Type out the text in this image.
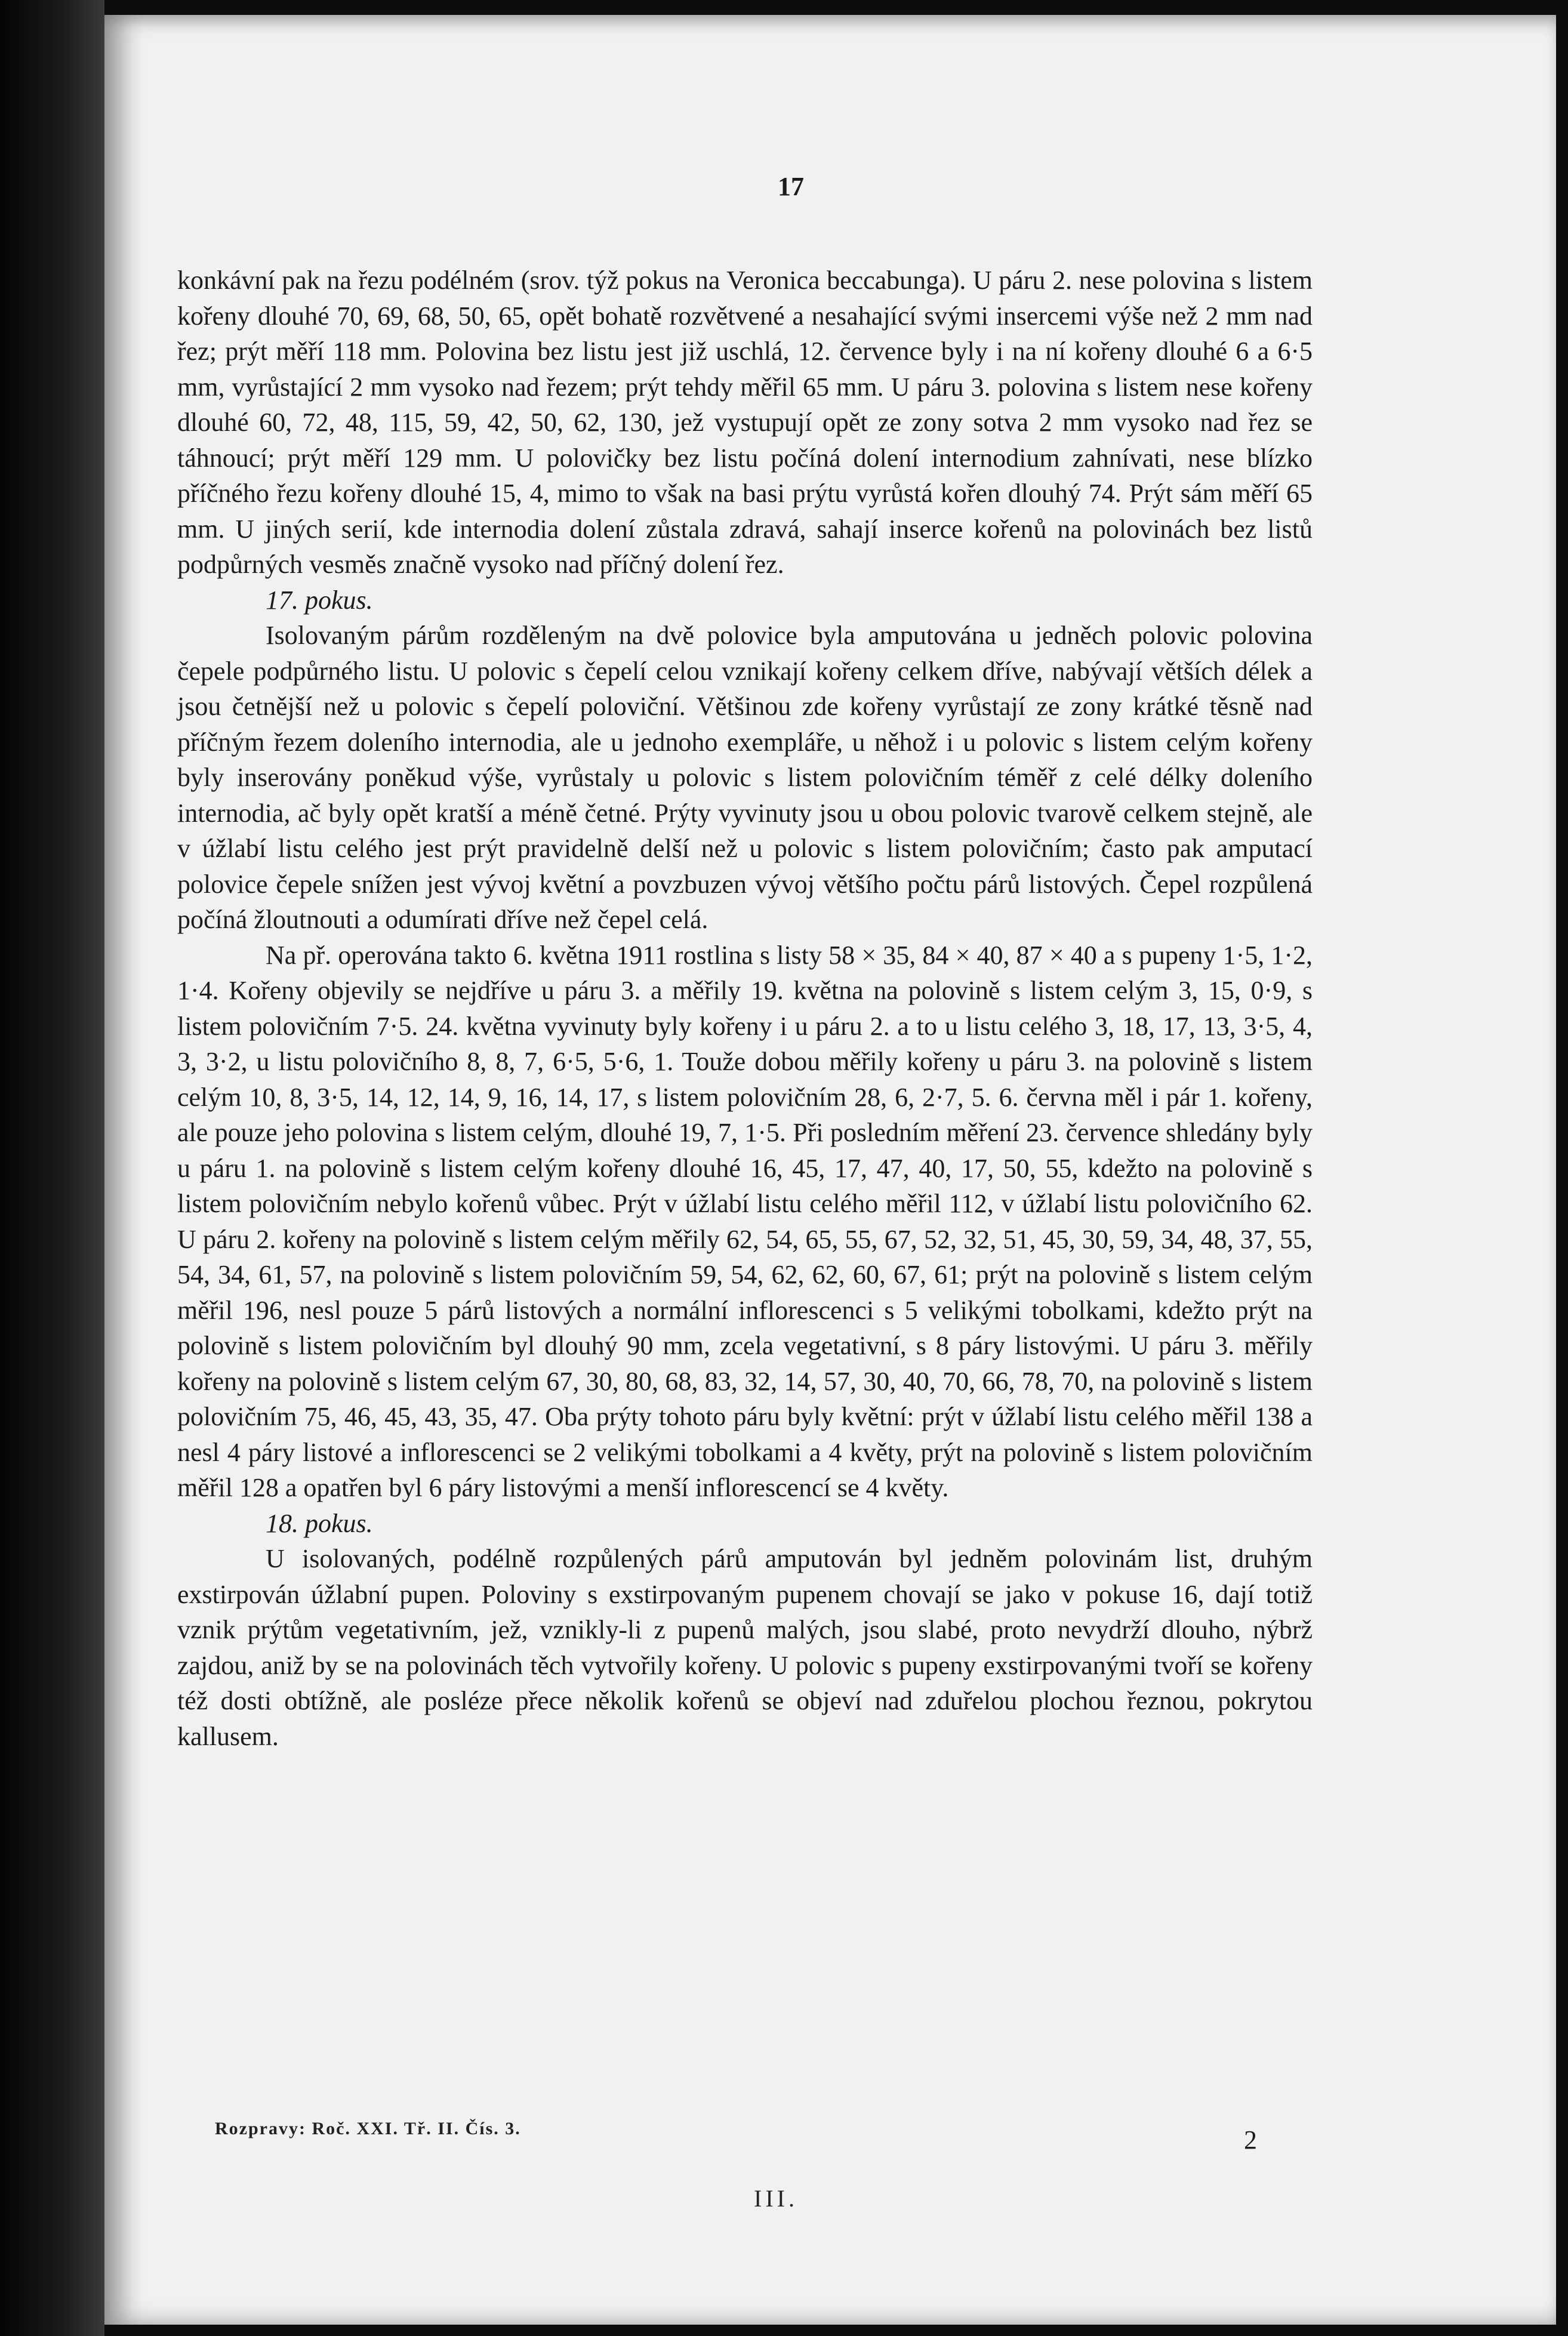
17

konkávní pak na řezu podélném (srov. týž pokus na Veronica beccabunga). U páru 2. nese polovina s listem kořeny dlouhé 70, 69, 68, 50, 65, opět bohatě rozvětvené a nesahající svými insercemi výše než 2 mm nad řez; prýt měří 118 mm. Polovina bez listu jest již uschlá, 12. července byly i na ní kořeny dlouhé 6 a 6·5 mm, vyrůstající 2 mm vysoko nad řezem; prýt tehdy měřil 65 mm. U páru 3. polovina s listem nese kořeny dlouhé 60, 72, 48, 115, 59, 42, 50, 62, 130, jež vystupují opět ze zony sotva 2 mm vysoko nad řez se táhnoucí; prýt měří 129 mm. U polovičky bez listu počíná dolení internodium zahnívati, nese blízko příčného řezu kořeny dlouhé 15, 4, mimo to však na basi prýtu vyrůstá kořen dlouhý 74. Prýt sám měří 65 mm. U jiných serií, kde internodia dolení zůstala zdravá, sahají inserce kořenů na polovinách bez listů podpůrných vesměs značně vysoko nad příčný dolení řez.

17. pokus.

Isolovaným párům rozděleným na dvě polovice byla amputována u jedněch polovic polovina čepele podpůrného listu. U polovic s čepelí celou vznikají kořeny celkem dříve, nabývají větších délek a jsou četnější než u polovic s čepelí poloviční. Většinou zde kořeny vyrůstají ze zony krátké těsně nad příčným řezem doleního internodia, ale u jednoho exempláře, u něhož i u polovic s listem celým kořeny byly inserovány poněkud výše, vyrůstaly u polovic s listem polovičním téměř z celé délky doleního internodia, ač byly opět kratší a méně četné. Prýty vyvinuty jsou u obou polovic tvarově celkem stejně, ale v úžlabí listu celého jest prýt pravidelně delší než u polovic s listem polovičním; často pak amputací polovice čepele snížen jest vývoj květní a povzbuzen vývoj většího počtu párů listových. Čepel rozpůlená počíná žloutnouti a odumírati dříve než čepel celá.

Na př. operována takto 6. května 1911 rostlina s listy 58 × 35, 84 × 40, 87 × 40 a s pupeny 1·5, 1·2, 1·4. Kořeny objevily se nejdříve u páru 3. a měřily 19. května na polovině s listem celým 3, 15, 0·9, s listem polovičním 7·5. 24. května vyvinuty byly kořeny i u páru 2. a to u listu celého 3, 18, 17, 13, 3·5, 4, 3, 3·2, u listu polovičního 8, 8, 7, 6·5, 5·6, 1. Touže dobou měřily kořeny u páru 3. na polovině s listem celým 10, 8, 3·5, 14, 12, 14, 9, 16, 14, 17, s listem polovičním 28, 6, 2·7, 5. 6. června měl i pár 1. kořeny, ale pouze jeho polovina s listem celým, dlouhé 19, 7, 1·5. Při posledním měření 23. července shledány byly u páru 1. na polovině s listem celým kořeny dlouhé 16, 45, 17, 47, 40, 17, 50, 55, kdežto na polovině s listem polovičním nebylo kořenů vůbec. Prýt v úžlabí listu celého měřil 112, v úžlabí listu polovičního 62. U páru 2. kořeny na polovině s listem celým měřily 62, 54, 65, 55, 67, 52, 32, 51, 45, 30, 59, 34, 48, 37, 55, 54, 34, 61, 57, na polovině s listem polovičním 59, 54, 62, 62, 60, 67, 61; prýt na polovině s listem celým měřil 196, nesl pouze 5 párů listových a normální inflorescenci s 5 velikými tobolkami, kdežto prýt na polovině s listem polovičním byl dlouhý 90 mm, zcela vegetativní, s 8 páry listovými. U páru 3. měřily kořeny na polovině s listem celým 67, 30, 80, 68, 83, 32, 14, 57, 30, 40, 70, 66, 78, 70, na polovině s listem polovičním 75, 46, 45, 43, 35, 47. Oba prýty tohoto páru byly květní: prýt v úžlabí listu celého měřil 138 a nesl 4 páry listové a inflorescenci se 2 velikými tobolkami a 4 květy, prýt na polovině s listem polovičním měřil 128 a opatřen byl 6 páry listovými a menší inflorescencí se 4 květy.

18. pokus.

U isolovaných, podélně rozpůlených párů amputován byl jedněm polovinám list, druhým exstirpován úžlabní pupen. Poloviny s exstirpovaným pupenem chovají se jako v pokuse 16, dají totiž vznik prýtům vegetativním, jež, vznikly-li z pupenů malých, jsou slabé, proto nevydrží dlouho, nýbrž zajdou, aniž by se na polovinách těch vytvořily kořeny. U polovic s pupeny exstirpovanými tvoří se kořeny též dosti obtížně, ale posléze přece několik kořenů se objeví nad zduřelou plochou řeznou, pokrytou kallusem.

Rozpravy: Roč. XXI. Tř. II. Čís. 3.	2
III.
